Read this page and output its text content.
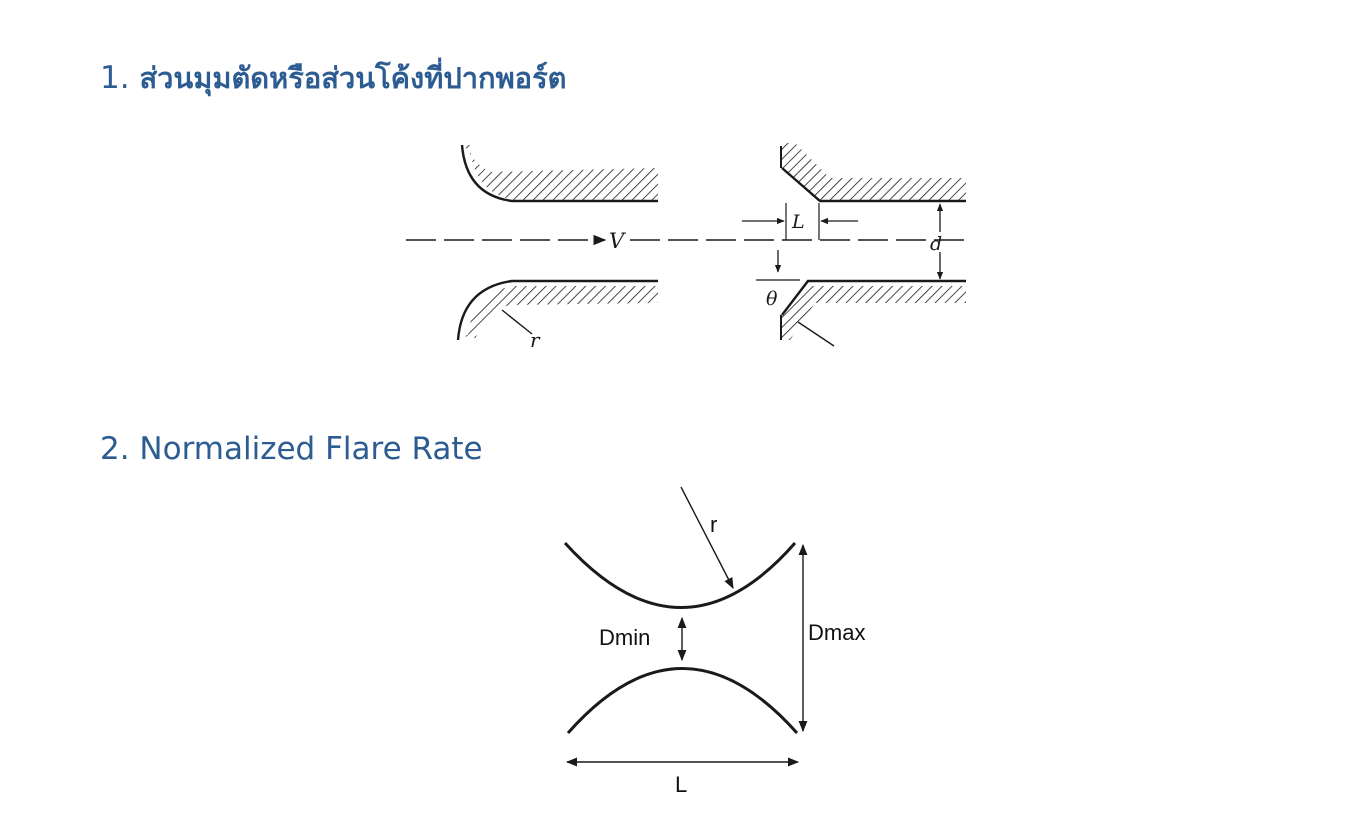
1. ส่วนมุมตัดหรือส่วนโค้งที่ปากพอร์ต
2. Normalized Flare Rate
r
V
L
d
θ
r
Dmin	Dmax
L
